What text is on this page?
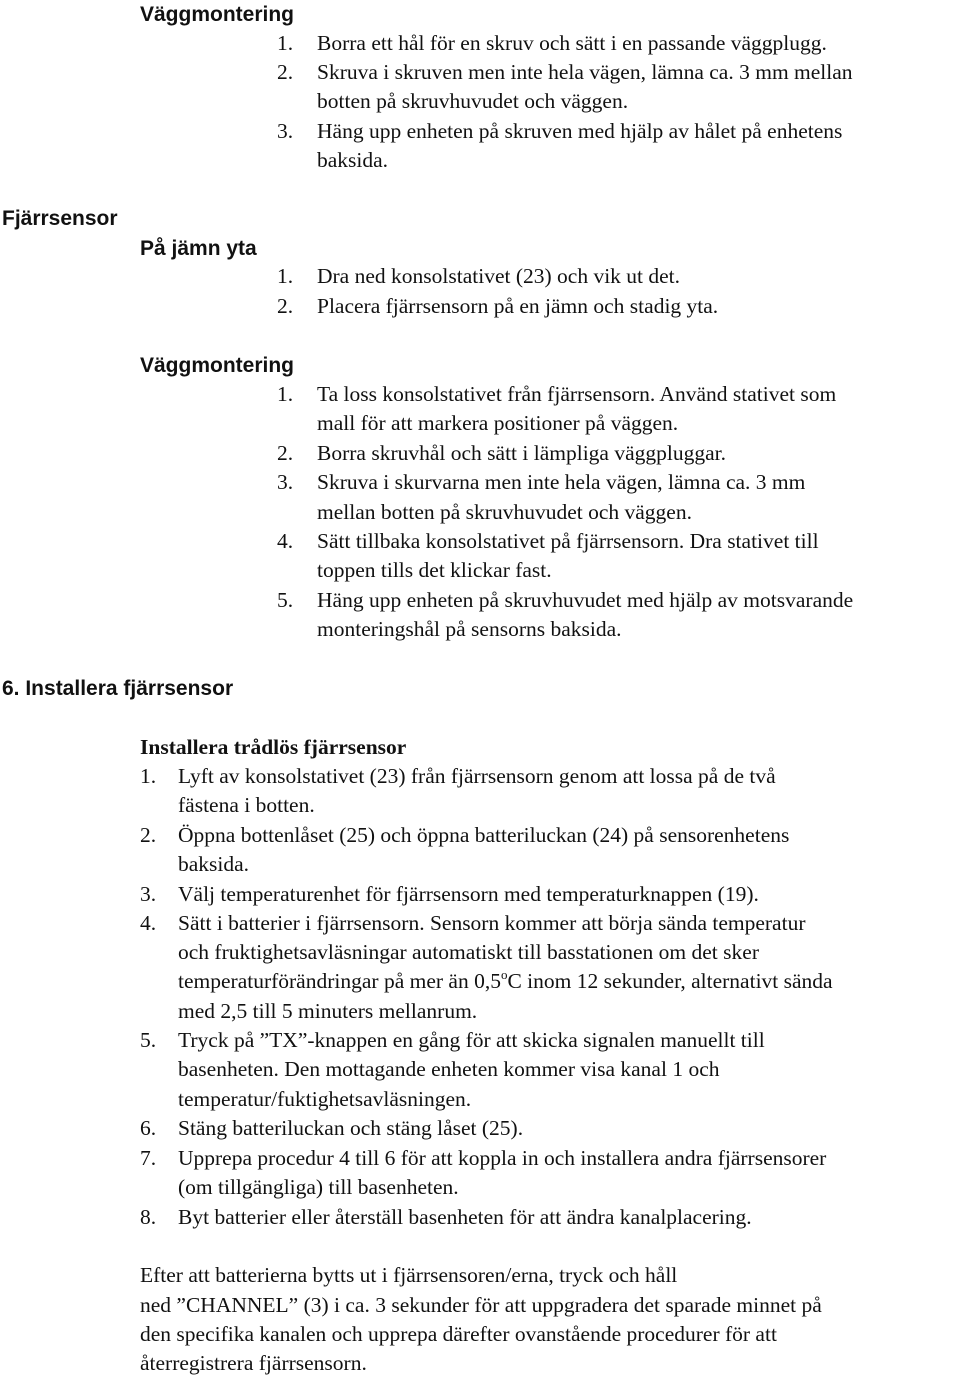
Väggmontering
1. Borra ett hål för en skruv och sätt i en passande väggplugg.
2. Skruva i skruven men inte hela vägen, lämna ca. 3 mm mellan
botten på skruvhuvudet och väggen.
3. Häng upp enheten på skruven med hjälp av hålet på enhetens
baksida.
Fjärrsensor
På jämn yta
1. Dra ned konsolstativet (23) och vik ut det.
2. Placera fjärrsensorn på en jämn och stadig yta.
Väggmontering
1. Ta loss konsolstativet från fjärrsensorn. Använd stativet som
mall för att markera positioner på väggen.
2. Borra skruvhål och sätt i lämpliga väggpluggar.
3. Skruva i skurvarna men inte hela vägen, lämna ca. 3 mm
mellan botten på skruvhuvudet och väggen.
4. Sätt tillbaka konsolstativet på fjärrsensorn. Dra stativet till
toppen tills det klickar fast.
5. Häng upp enheten på skruvhuvudet med hjälp av motsvarande
monteringshål på sensorns baksida.
6. Installera fjärrsensor
Installera trådlös fjärrsensor
1. Lyft av konsolstativet (23) från fjärrsensorn genom att lossa på de två
fästena i botten.
2. Öppna bottenlåset (25) och öppna batteriluckan (24) på sensorenhetens
baksida.
3. Välj temperaturenhet för fjärrsensorn med temperaturknappen (19).
4. Sätt i batterier i fjärrsensorn. Sensorn kommer att börja sända temperatur
och fruktighetsavläsningar automatiskt till basstationen om det sker
temperaturförändringar på mer än 0,5$^o$C inom 12 sekunder, alternativt sända
med 2,5 till 5 minuters mellanrum.
5. Tryck på ”TX”-knappen en gång för att skicka signalen manuellt till
basenheten. Den mottagande enheten kommer visa kanal 1 och
temperatur/fuktighetsavläsningen.
6. Stäng batteriluckan och stäng låset (25).
7. Upprepa procedur 4 till 6 för att koppla in och installera andra fjärrsensorer
(om tillgängliga) till basenheten.
8. Byt batterier eller återställ basenheten för att ändra kanalplacering.
Efter att batterierna bytts ut i fjärrsensoren/erna, tryck och håll
ned ”CHANNEL” (3) i ca. 3 sekunder för att uppgradera det sparade minnet på
den specifika kanalen och upprepa därefter ovanstående procedurer för att
återregistrera fjärrsensorn.
